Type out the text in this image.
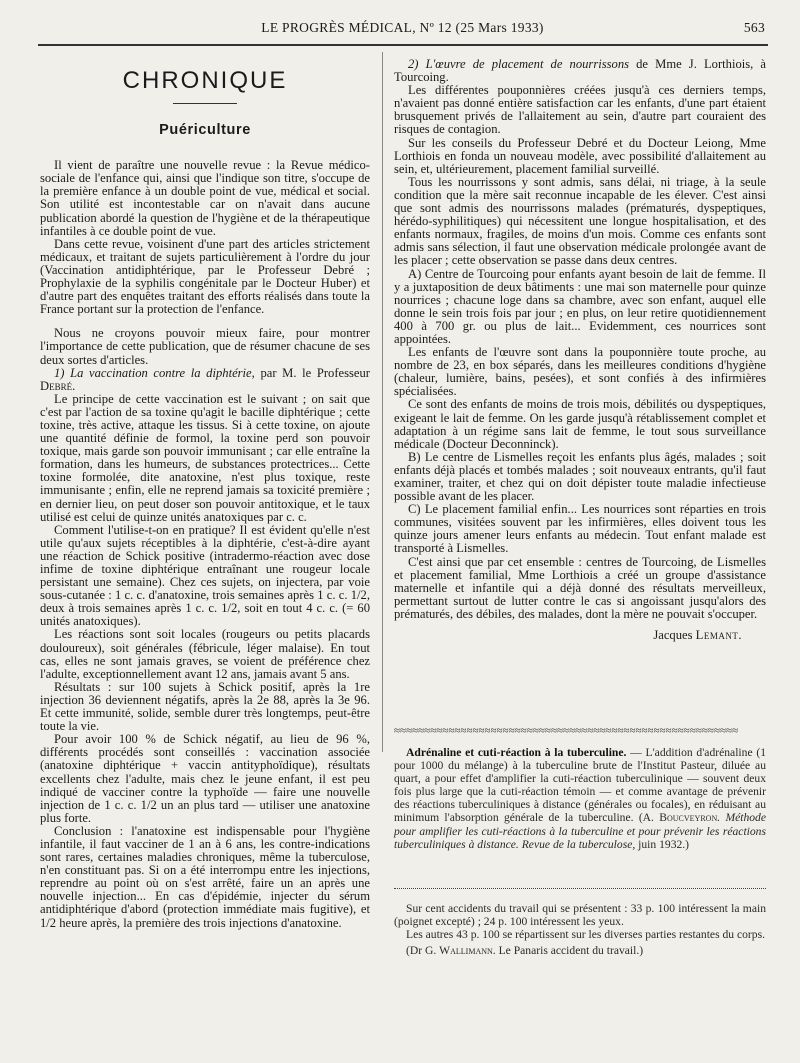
LE PROGRÈS MÉDICAL, Nº 12 (25 Mars 1933)	563
CHRONIQUE
Puériculture

Il vient de paraître une nouvelle revue : la Revue médico-sociale de l'enfance qui, ainsi que l'indique son titre, s'occupe de la première enfance à un double point de vue, médical et social. Son utilité est incontestable car on n'avait dans aucune publication abordé la question de l'hygiène et de la thérapeutique infantiles à ce double point de vue.

Dans cette revue, voisinent d'une part des articles strictement médicaux, et traitant de sujets particulièrement à l'ordre du jour (Vaccination antidiphtérique, par le Professeur Debré ; Prophylaxie de la syphilis congénitale par le Docteur Huber) et d'autre part des enquêtes traitant des efforts réalisés dans toute la France portant sur la protection de l'enfance.

Nous ne croyons pouvoir mieux faire, pour montrer l'importance de cette publication, que de résumer chacune de ses deux sortes d'articles.

1) La vaccination contre la diphtérie, par M. le Professeur Debré.

Le principe de cette vaccination est le suivant ; on sait que c'est par l'action de sa toxine qu'agit le bacille diphtérique ; cette toxine, très active, attaque les tissus. Si à cette toxine, on ajoute une quantité définie de formol, la toxine perd son pouvoir toxique, mais garde son pouvoir immunisant ; car elle entraîne la formation, dans les humeurs, de substances protectrices... Cette toxine formolée, dite anatoxine, n'est plus toxique, reste immunisante ; enfin, elle ne reprend jamais sa toxicité première ; en dernier lieu, on peut doser son pouvoir antitoxique, et le taux utilisé est celui de quinze unités anatoxiques par c. c.

Comment l'utilise-t-on en pratique? Il est évident qu'elle n'est utile qu'aux sujets réceptibles à la diphtérie, c'est-à-dire ayant une réaction de Schick positive (intradermo-réaction avec dose infime de toxine diphtérique entraînant une rougeur locale persistant une semaine). Chez ces sujets, on injectera, par voie sous-cutanée : 1 c. c. d'anatoxine, trois semaines après 1 c. c. 1/2, deux à trois semaines après 1 c. c. 1/2, soit en tout 4 c. c. (= 60 unités anatoxiques).

Les réactions sont soit locales (rougeurs ou petits placards douloureux), soit générales (fébricule, léger malaise). En tout cas, elles ne sont jamais graves, se voient de préférence chez l'adulte, exceptionnellement avant 12 ans, jamais avant 5 ans.

Résultats : sur 100 sujets à Schick positif, après la 1re injection 36 deviennent négatifs, après la 2e 88, après la 3e 96. Et cette immunité, solide, semble durer très longtemps, peut-être toute la vie.

Pour avoir 100 % de Schick négatif, au lieu de 96 %, différents procédés sont conseillés : vaccination associée (anatoxine diphtérique + vaccin antityphoïdique), résultats excellents chez l'adulte, mais chez le jeune enfant, il est peu indiqué de vacciner contre la typhoïde — faire une nouvelle injection de 1 c. c. 1/2 un an plus tard — utiliser une anatoxine plus forte.

Conclusion : l'anatoxine est indispensable pour l'hygiène infantile, il faut vacciner de 1 an à 6 ans, les contre-indications sont rares, certaines maladies chroniques, même la tuberculose, n'en constituant pas. Si on a été interrompu entre les injections, reprendre au point où on s'est arrêté, faire un an après une nouvelle injection... En cas d'épidémie, injecter du sérum antidiphtérique d'abord (protection immédiate mais fugitive), et 1/2 heure après, la première des trois injections d'anatoxine.

2) L'œuvre de placement de nourrissons de Mme J. Lorthiois, à Tourcoing.

Les différentes pouponnières créées jusqu'à ces derniers temps, n'avaient pas donné entière satisfaction car les enfants, d'une part étaient brusquement privés de l'allaitement au sein, d'autre part couraient des risques de contagion.

Sur les conseils du Professeur Debré et du Docteur Leiong, Mme Lorthiois en fonda un nouveau modèle, avec possibilité d'allaitement au sein, et, ultérieurement, placement familial surveillé.

Tous les nourrissons y sont admis, sans délai, ni triage, à la seule condition que la mère sait reconnue incapable de les élever. C'est ainsi que sont admis des nourrissons malades (prématurés, dyspeptiques, hérédo-syphilitiques) qui nécessitent une longue hospitalisation, et des enfants normaux, fragiles, de moins d'un mois. Comme ces enfants sont admis sans sélection, il faut une observation médicale prolongée avant de les placer ; cette observation se passe dans deux centres.

A) Centre de Tourcoing pour enfants ayant besoin de lait de femme. Il y a juxtaposition de deux bâtiments : une mai son maternelle pour quinze nourrices ; chacune loge dans sa chambre, avec son enfant, auquel elle donne le sein trois fois par jour ; en plus, on leur retire quotidiennement 400 à 700 gr. ou plus de lait... Evidemment, ces nourrices sont appointées.

Les enfants de l'œuvre sont dans la pouponnière toute proche, au nombre de 23, en box séparés, dans les meilleures conditions d'hygiène (chaleur, lumière, bains, pesées), et sont confiés à des infirmières spécialisées.

Ce sont des enfants de moins de trois mois, débilités ou dyspeptiques, exigeant le lait de femme. On les garde jusqu'à rétablissement complet et adaptation à un régime sans lait de femme, le tout sous surveillance médicale (Docteur Deconninck).

B) Le centre de Lismelles reçoit les enfants plus âgés, malades ; soit enfants déjà placés et tombés malades ; soit nouveaux entrants, qu'il faut examiner, traiter, et chez qui on doit dépister toute maladie infectieuse possible avant de les placer.

C) Le placement familial enfin... Les nourrices sont réparties en trois communes, visitées souvent par les infirmières, elles doivent tous les quinze jours amener leurs enfants au médecin. Tout enfant malade est transporté à Lismelles.

C'est ainsi que par cet ensemble : centres de Tourcoing, de Lismelles et placement familial, Mme Lorthiois a créé un groupe d'assistance maternelle et infantile qui a déjà donné des résultats merveilleux, permettant surtout de lutter contre le cas si angoissant jusqu'alors des prématurés, des débiles, des malades, dont la mère ne pouvait s'occuper.

Jacques Lemant.
≈≈≈≈≈≈≈≈≈≈≈≈≈≈≈≈≈≈≈≈≈≈≈≈≈≈≈≈≈≈≈≈≈≈≈≈≈≈≈≈≈≈≈≈≈≈≈≈≈≈≈≈≈≈≈≈≈

Adrénaline et cuti-réaction à la tuberculine. — L'addition d'adrénaline (1 pour 1000 du mélange) à la tuberculine brute de l'Institut Pasteur, diluée au quart, a pour effet d'amplifier la cuti-réaction tuberculinique — souvent deux fois plus large que la cuti-réaction témoin — et comme avantage de prévenir des réactions tuberculiniques à distance (générales ou focales), en réduisant au minimum l'absorption générale de la tuberculine. (A. Boucveyron. Méthode pour amplifier les cuti-réactions à la tuberculine et pour prévenir les réactions tuberculiniques à distance. Revue de la tuberculose, juin 1932.)

Sur cent accidents du travail qui se présentent : 33 p. 100 intéressent la main (poignet excepté) ; 24 p. 100 intéressent les yeux.

Les autres 43 p. 100 se répartissent sur les diverses parties restantes du corps.

(Dr G. Wallimann. Le Panaris accident du travail.)
